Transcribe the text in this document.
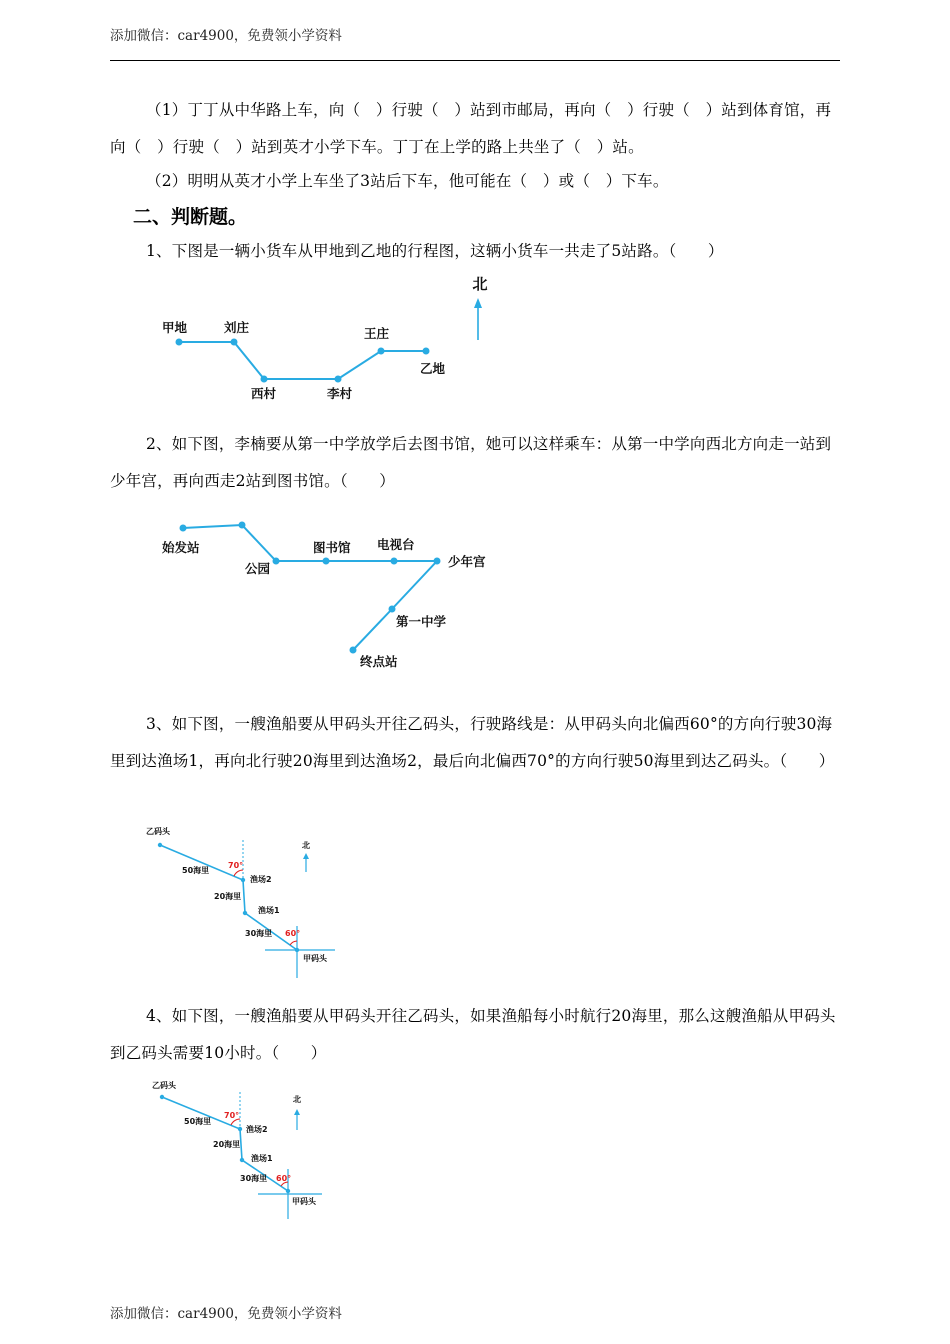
添加微信：car4900，免费领小学资料
（1）丁丁从中华路上车，向（　）行驶（　）站到市邮局，再向（　）行驶（　）站到体育馆，再向（　）行驶（　）站到英才小学下车。丁丁在上学的路上共坐了（　）站。
（2）明明从英才小学上车坐了3站后下车，他可能在（　）或（　）下车。
二、判断题。
1、下图是一辆小货车从甲地到乙地的行程图，这辆小货车一共走了5站路。（　　）
北
甲地	刘庄
西村	李村
王庄
乙地
2、如下图，李楠要从第一中学放学后去图书馆，她可以这样乘车：从第一中学向西北方向走一站到少年宫，再向西走2站到图书馆。（　　）
始发站
公园
图书馆 电视台
少年宫
第一中学
终点站
3、如下图，一艘渔船要从甲码头开往乙码头，行驶路线是：从甲码头向北偏西60°的方向行驶30海里到达渔场1，再向北行驶20海里到达渔场2，最后向北偏西70°的方向行驶50海里到达乙码头。（　　）
乙码头
北
70°
50海里
渔场2
20海里
渔场1
30海里 60°
甲码头
4、如下图，一艘渔船要从甲码头开往乙码头，如果渔船每小时航行20海里，那么这艘渔船从甲码头到乙码头需要10小时。（　　）
乙码头
北
70°
50海里
渔场2
20海里
渔场1
30海里 60°
甲码头
添加微信：car4900，免费领小学资料
